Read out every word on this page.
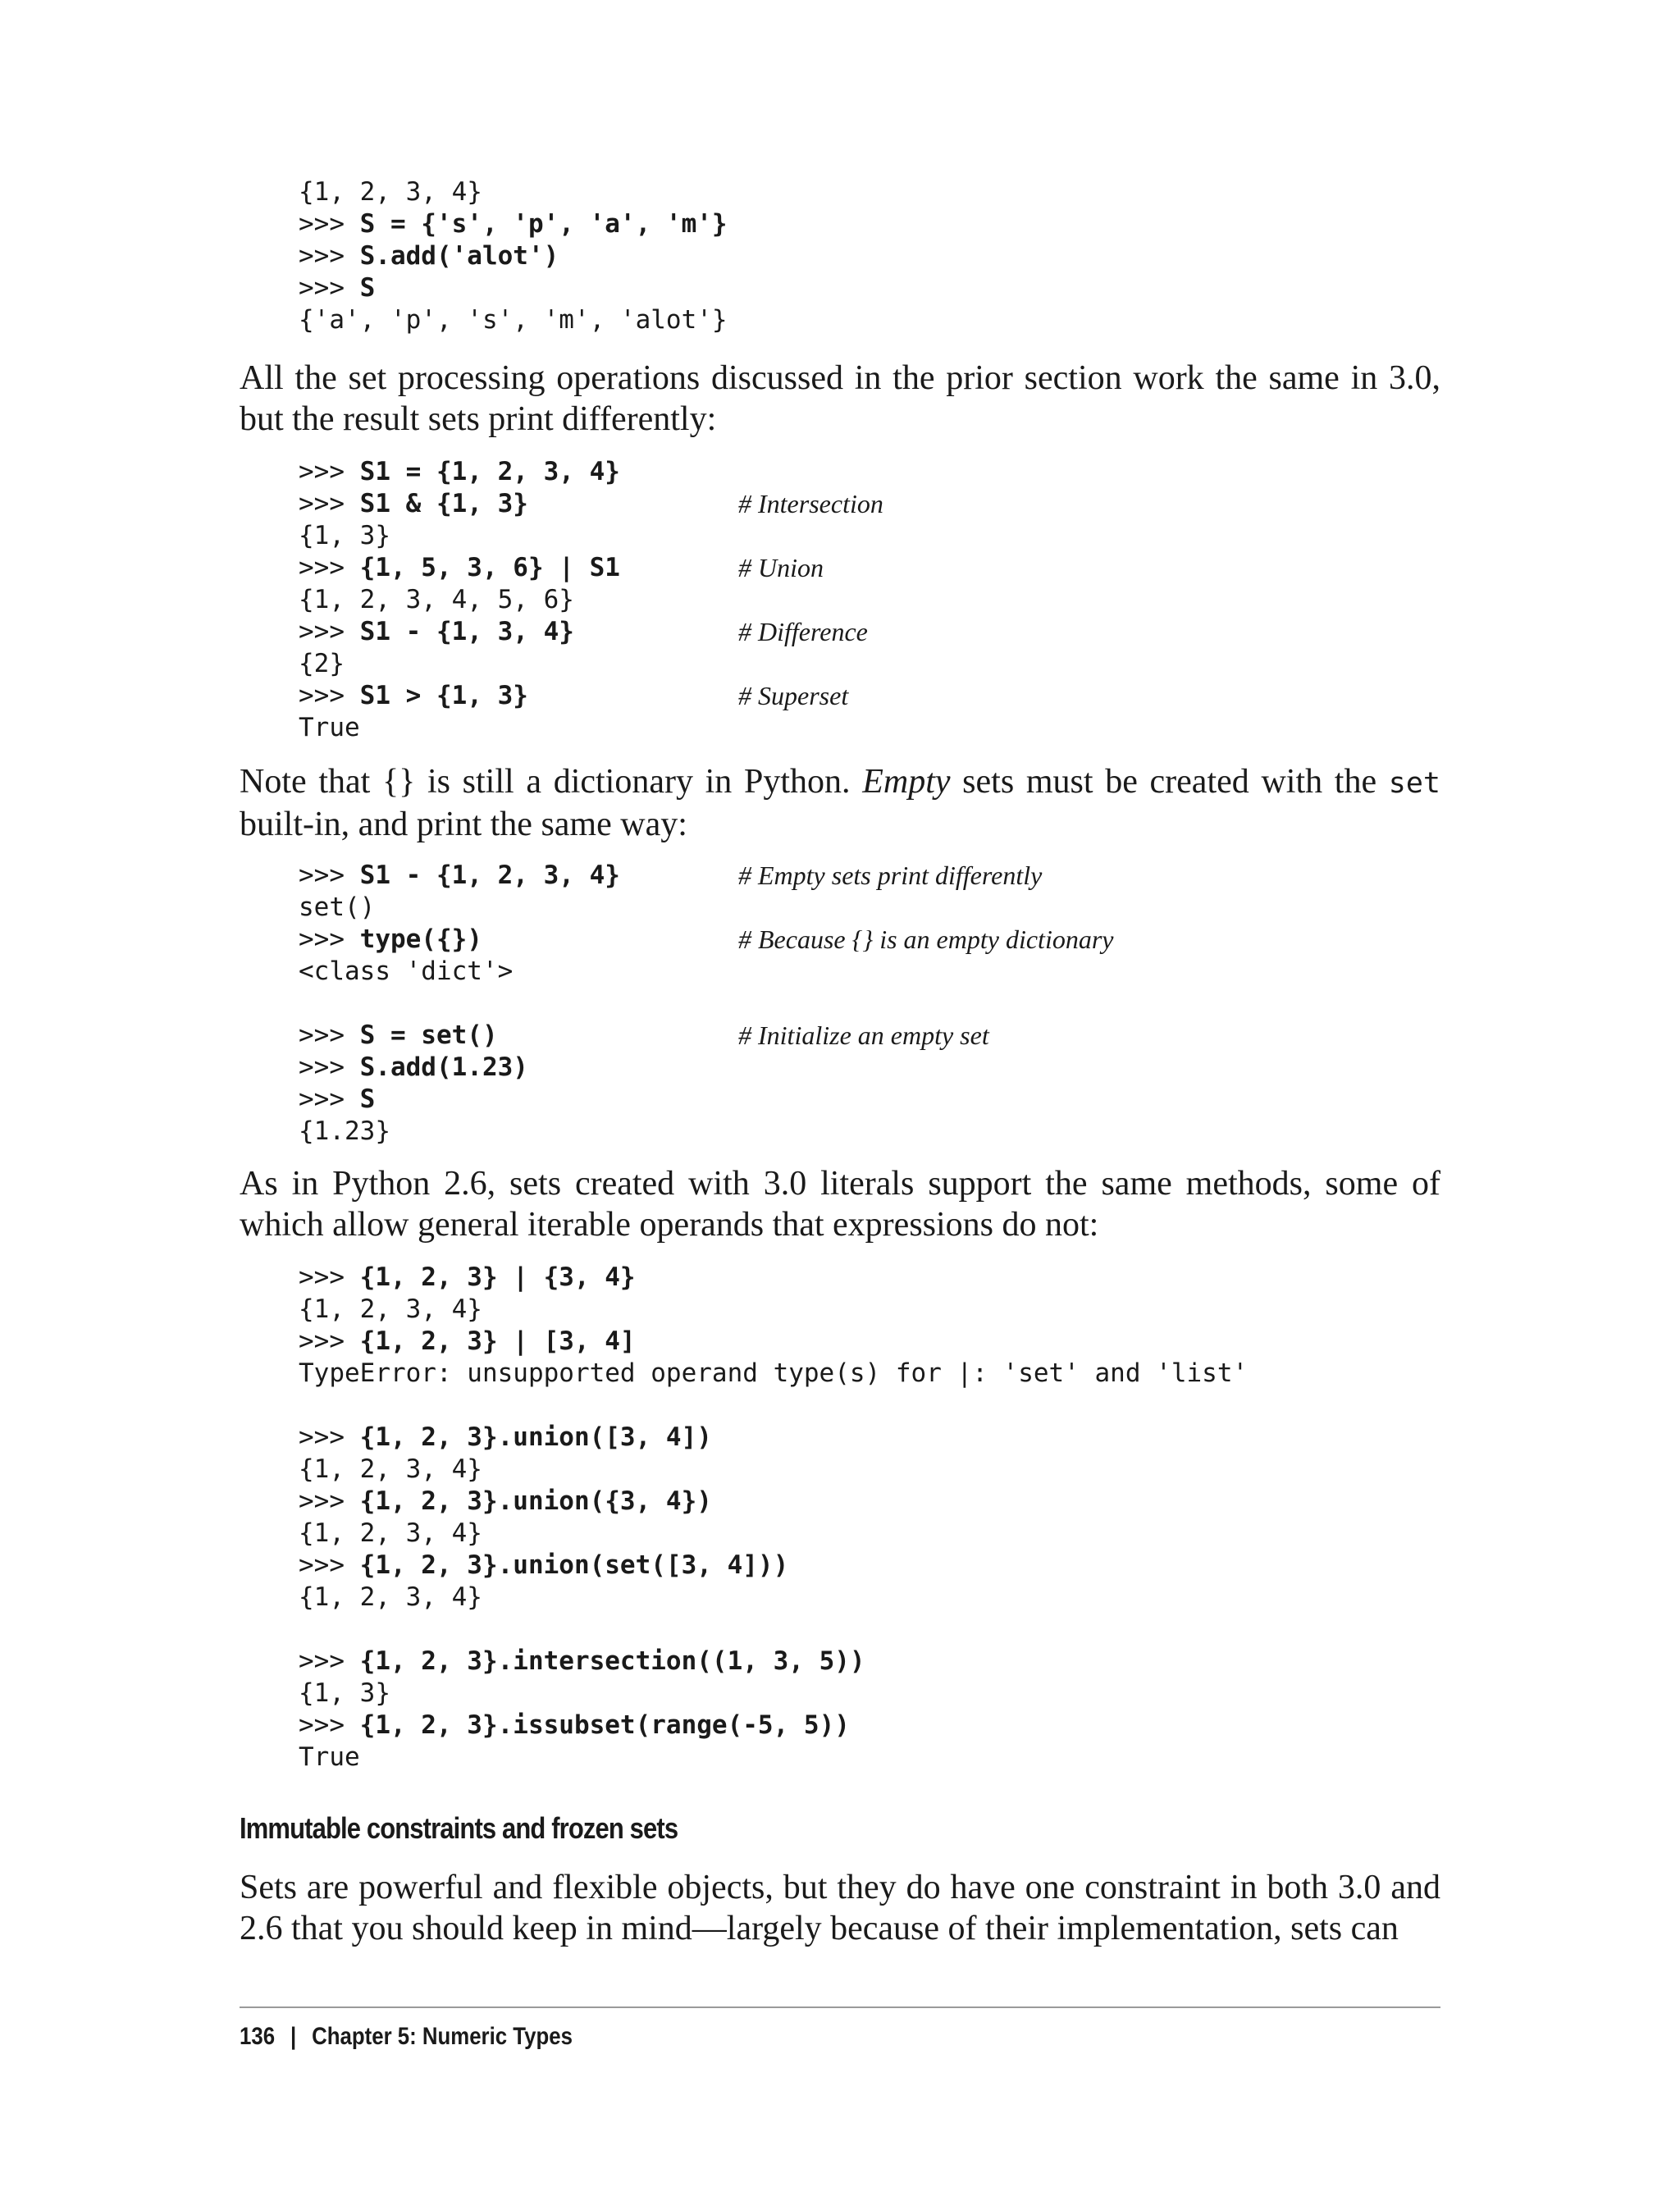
{1, 2, 3, 4}
>>> S = {'s', 'p', 'a', 'm'}
>>> S.add('alot')
>>> S
{'a', 'p', 's', 'm', 'alot'}

All the set processing operations discussed in the prior section work the same in 3.0, but the result sets print differently:

>>> S1 = {1, 2, 3, 4}
>>> S1 & {1, 3}	# Intersection
{1, 3}
>>> {1, 5, 3, 6} | S1	# Union
{1, 2, 3, 4, 5, 6}
>>> S1 - {1, 3, 4}	# Difference
{2}
>>> S1 > {1, 3}	# Superset
True

Note that {} is still a dictionary in Python. Empty sets must be created with the set built-in, and print the same way:

>>> S1 - {1, 2, 3, 4}	# Empty sets print differently
set()
>>> type({})	# Because {} is an empty dictionary
<class 'dict'>
>>> S = set()	# Initialize an empty set
>>> S.add(1.23)
>>> S
{1.23}

As in Python 2.6, sets created with 3.0 literals support the same methods, some of which allow general iterable operands that expressions do not:

>>> {1, 2, 3} | {3, 4}
{1, 2, 3, 4}
>>> {1, 2, 3} | [3, 4]
TypeError: unsupported operand type(s) for |: 'set' and 'list'
>>> {1, 2, 3}.union([3, 4])
{1, 2, 3, 4}
>>> {1, 2, 3}.union({3, 4})
{1, 2, 3, 4}
>>> {1, 2, 3}.union(set([3, 4]))
{1, 2, 3, 4}
>>> {1, 2, 3}.intersection((1, 3, 5))
{1, 3}
>>> {1, 2, 3}.issubset(range(-5, 5))
True
Immutable constraints and frozen sets

Sets are powerful and flexible objects, but they do have one constraint in both 3.0 and 2.6 that you should keep in mind—largely because of their implementation, sets can

136 | Chapter 5: Numeric Types
